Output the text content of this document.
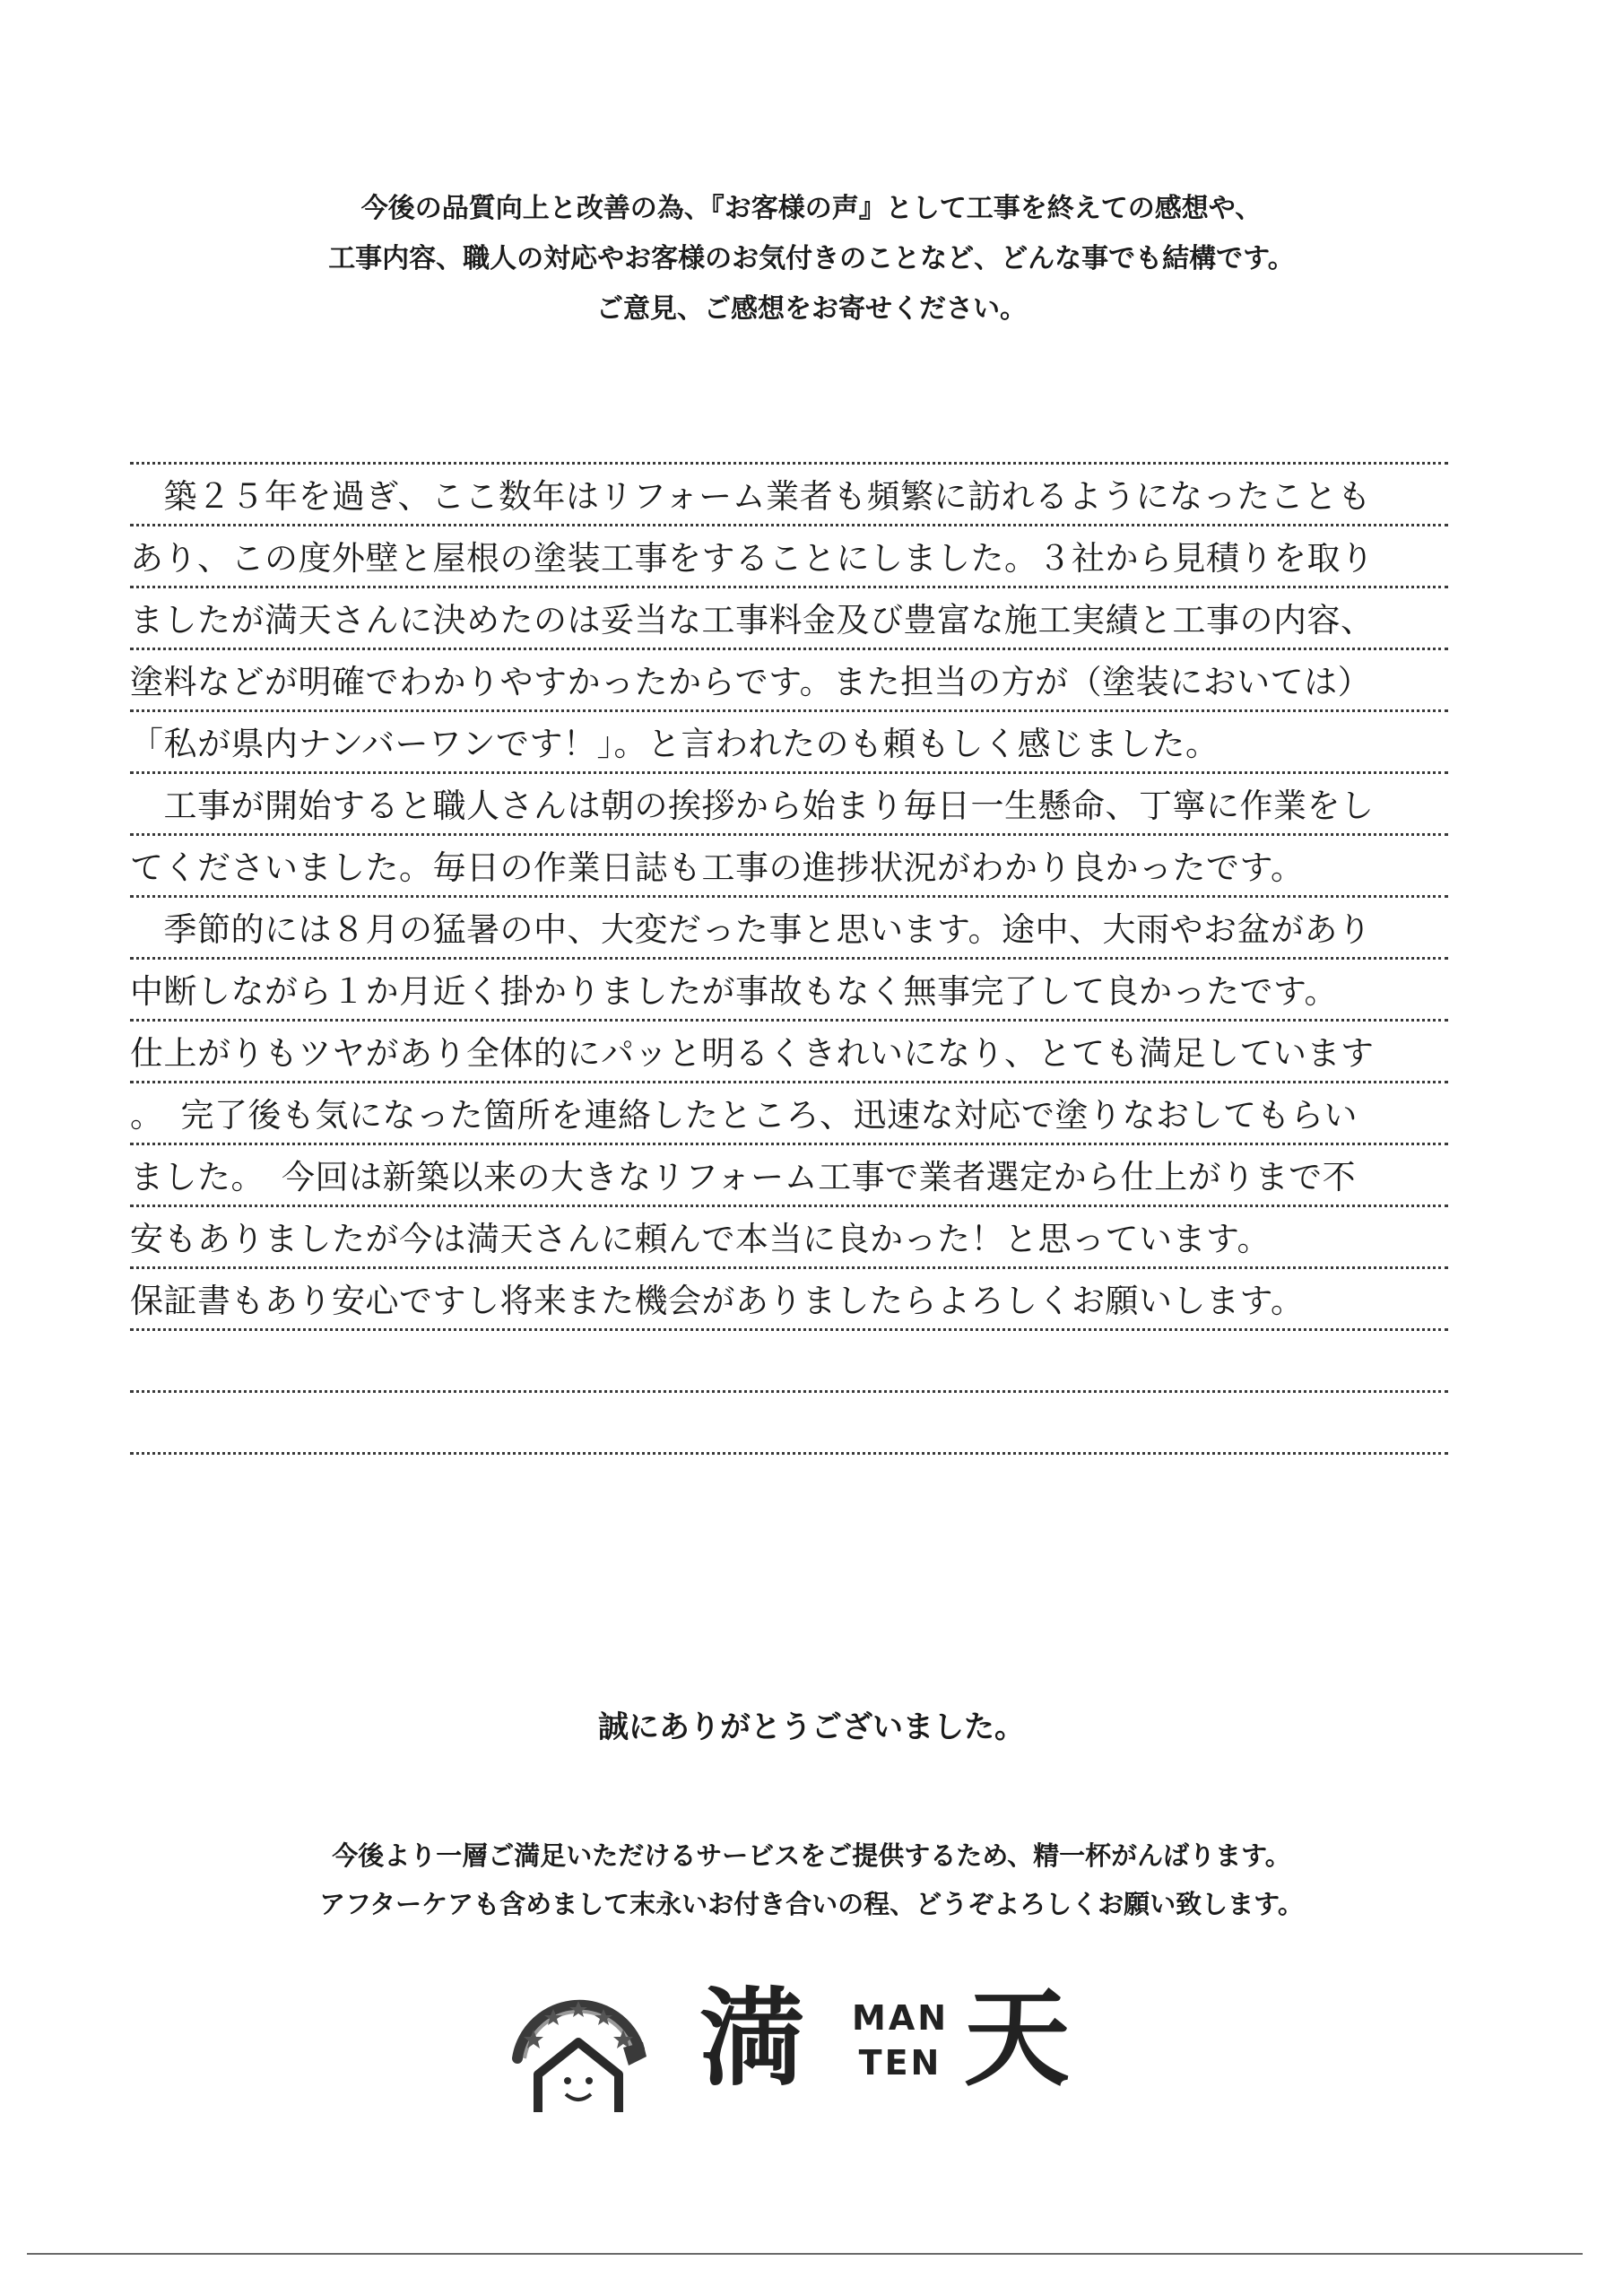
今後の品質向上と改善の為、『お客様の声』として工事を終えての感想や、
工事内容、職人の対応やお客様のお気付きのことなど、どんな事でも結構です。
ご意見、ご感想をお寄せください。
　築２５年を過ぎ、ここ数年はリフォーム業者も頻繁に訪れるようになったことも
あり、この度外壁と屋根の塗装工事をすることにしました。３社から見積りを取り
ましたが満天さんに決めたのは妥当な工事料金及び豊富な施工実績と工事の内容、
塗料などが明確でわかりやすかったからです。また担当の方が（塗装においては）
「私が県内ナンバーワンです！」。と言われたのも頼もしく感じました。
　工事が開始すると職人さんは朝の挨拶から始まり毎日一生懸命、丁寧に作業をし
てくださいました。毎日の作業日誌も工事の進捗状況がわかり良かったです。
　季節的には８月の猛暑の中、大変だった事と思います。途中、大雨やお盆があり
中断しながら１か月近く掛かりましたが事故もなく無事完了して良かったです。
仕上がりもツヤがあり全体的にパッと明るくきれいになり、とても満足しています
。　完了後も気になった箇所を連絡したところ、迅速な対応で塗りなおしてもらい
ました。　今回は新築以来の大きなリフォーム工事で業者選定から仕上がりまで不
安もありましたが今は満天さんに頼んで本当に良かった！と思っています。
保証書もあり安心ですし将来また機会がありましたらよろしくお願いします。
誠にありがとうございました。
今後より一層ご満足いただけるサービスをご提供するため、精一杯がんばります。
アフターケアも含めまして末永いお付き合いの程、どうぞよろしくお願い致します。
満 MAN
TEN 天
